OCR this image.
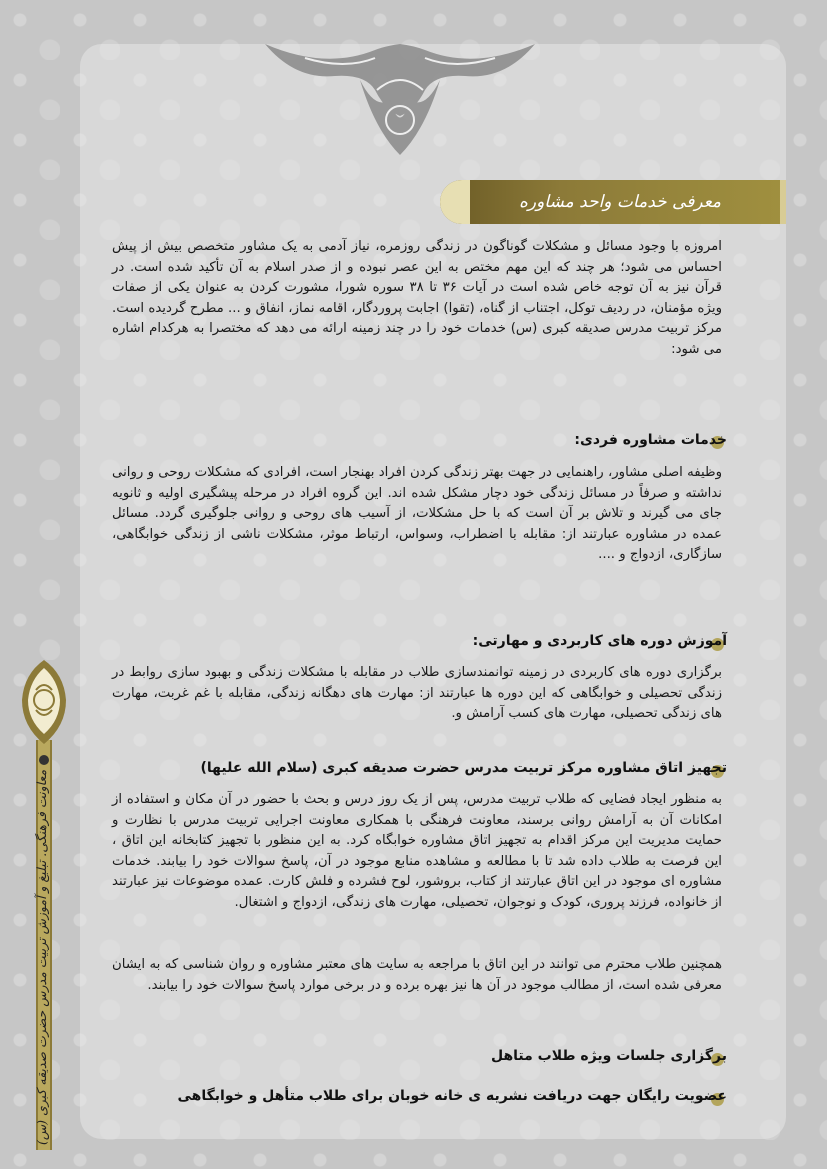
معرفی خدمات واحد مشاوره
امروزه با وجود مسائل و مشکلات گوناگون در زندگی روزمره، نیاز آدمی به یک مشاور متخصص بیش از پیش احساس می شود؛ هر چند که این مهم مختص به این عصر نبوده و از صدر اسلام به آن تأکید شده است. در قرآن نیز به آن توجه خاص شده است در آیات ۳۶ تا ۳۸ سوره شورا، مشورت کردن به عنوان یکی از صفات ویژه مؤمنان، در ردیف توکل، اجتناب از گناه، (تقوا) اجابت پروردگار، اقامه نماز، انفاق و ... مطرح گردیده است. مرکز تربیت مدرس صدیقه کبری (س) خدمات خود را در چند زمینه ارائه می دهد که مختصرا به هرکدام اشاره می شود:
خدمات مشاوره فردی:
وظیفه اصلی مشاور، راهنمایی در جهت بهتر زندگی کردن افراد بهنجار است، افرادی که مشکلات روحی و روانی نداشته و صرفاً در مسائل زندگی خود دچار مشکل شده اند. این گروه افراد در مرحله پیشگیری اولیه و ثانویه جای می گیرند و تلاش بر آن است که با حل مشکلات، از آسیب های روحی و روانی جلوگیری گردد. مسائل عمده در مشاوره عبارتند از: مقابله با اضطراب، وسواس، ارتباط موثر، مشکلات ناشی از زندگی خوابگاهی، سازگاری، ازدواج و ....
آموزش دوره های کاربردی و مهارتی:
برگزاری دوره های کاربردی در زمینه توانمندسازی طلاب در مقابله با مشکلات زندگی و بهبود سازی روابط در زندگی تحصیلی و خوابگاهی که این دوره ها عبارتند از: مهارت های دهگانه زندگی، مقابله با غم غربت، مهارت های زندگی تحصیلی، مهارت های کسب آرامش و.
تجهیز اتاق مشاوره مرکز تربیت مدرس حضرت صدیقه کبری (سلام الله علیها)
به منظور ایجاد فضایی که طلاب تربیت مدرس، پس از یک روز درس و بحث با حضور در آن مکان و استفاده از امکانات آن به آرامش روانی برسند، معاونت فرهنگی با همکاری معاونت اجرایی تربیت مدرس با نظارت و حمایت مدیریت این مرکز اقدام به تجهیز اتاق مشاوره خوابگاه کرد. به این منظور با تجهیز کتابخانه این اتاق ، این فرصت به طلاب داده شد تا با مطالعه و مشاهده منابع موجود در آن، پاسخ سوالات خود را بیابند. خدمات مشاوره ای موجود در این اتاق عبارتند از کتاب، بروشور، لوح فشرده و فلش کارت. عمده موضوعات نیز عبارتند از خانواده، فرزند پروری، کودک و نوجوان، تحصیلی، مهارت های زندگی، ازدواج و اشتغال.
همچنین طلاب محترم می توانند در این اتاق با مراجعه به سایت های معتبر مشاوره و روان شناسی که به ایشان معرفی شده است، از مطالب موجود در آن ها نیز بهره برده و در برخی موارد پاسخ سوالات خود را بیابند.
برگزاری جلسات ویژه طلاب متاهل
عضویت رایگان جهت دریافت نشریه ی خانه خوبان برای طلاب متأهل و خوابگاهی
معاونت فرهنگی. تبلیغ و آموزش تربیت مدرس حضرت صدیقه کبری (س)
